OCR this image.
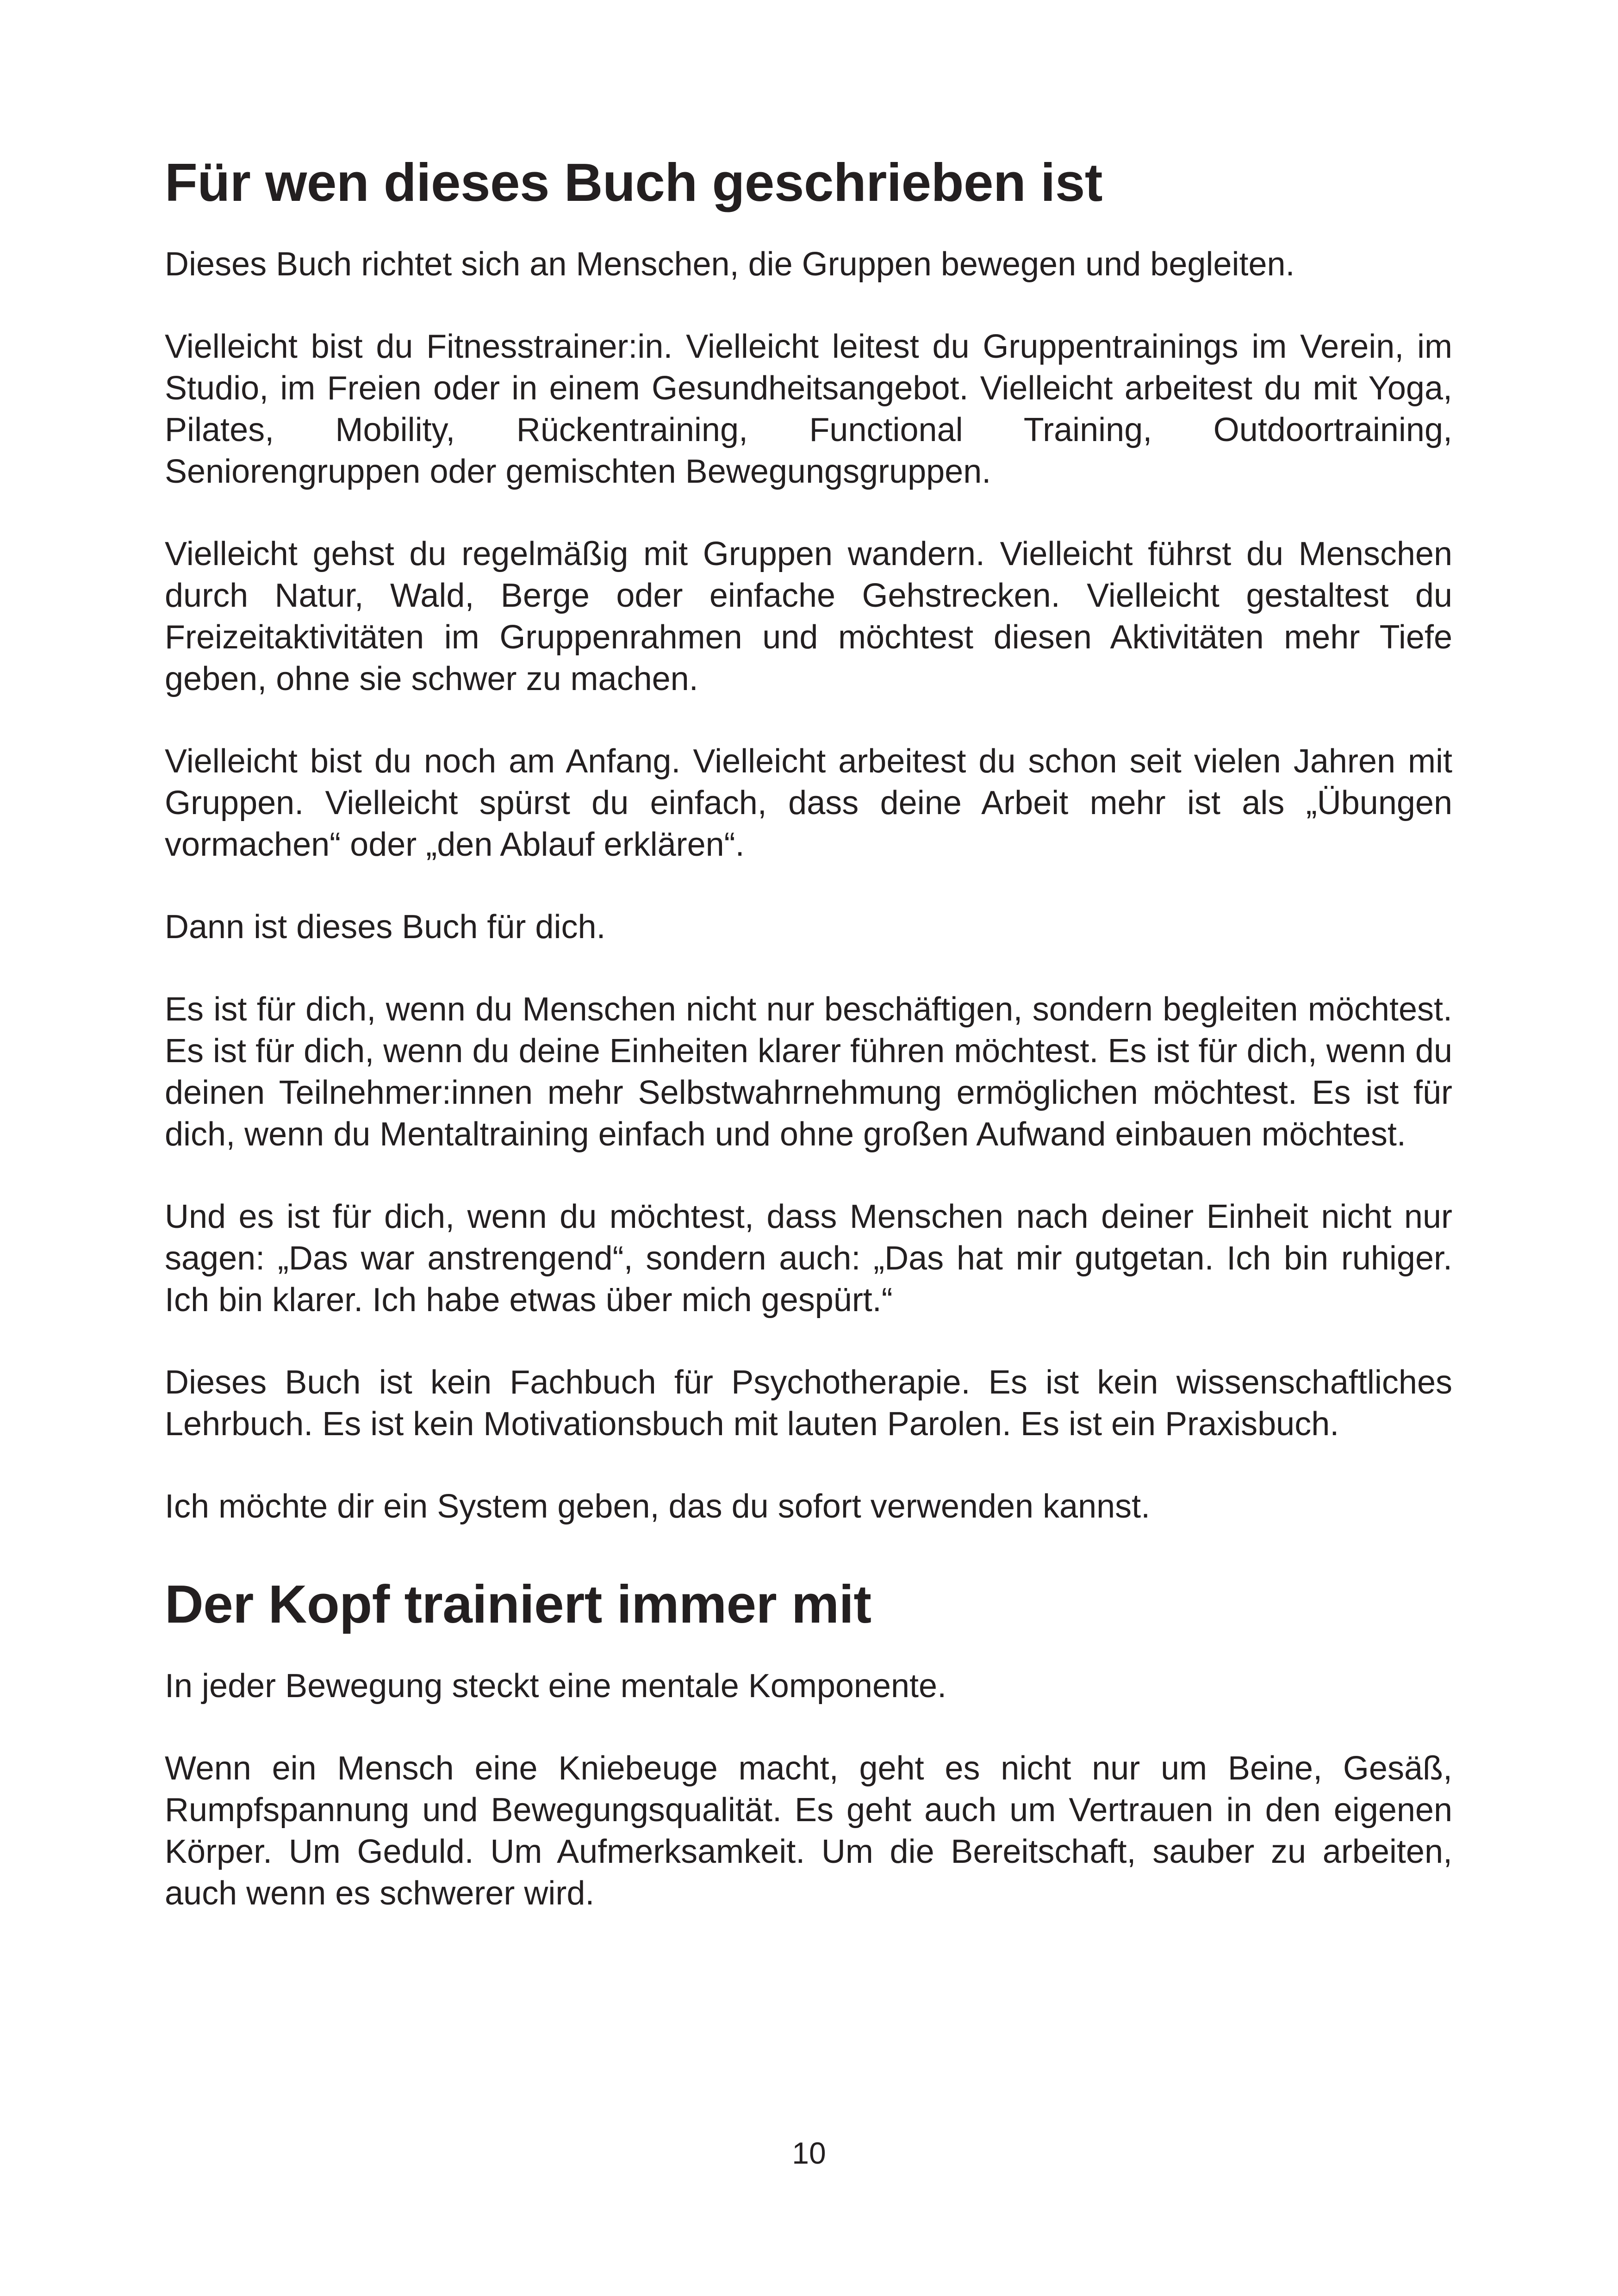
Für wen dieses Buch geschrieben ist

Dieses Buch richtet sich an Menschen, die Gruppen bewegen und begleiten.

Vielleicht bist du Fitnesstrainer:in. Vielleicht leitest du Gruppentrainings im Verein, im Studio, im Freien oder in einem Gesundheitsangebot. Vielleicht arbeitest du mit Yoga, Pilates, Mobility, Rückentraining, Functional Training, Outdoortraining, Seniorengruppen oder gemischten Bewegungsgruppen.

Vielleicht gehst du regelmäßig mit Gruppen wandern. Vielleicht führst du Menschen durch Natur, Wald, Berge oder einfache Gehstrecken. Vielleicht gestaltest du Freizeitaktivitäten im Gruppenrahmen und möchtest diesen Aktivitäten mehr Tiefe geben, ohne sie schwer zu machen.

Vielleicht bist du noch am Anfang. Vielleicht arbeitest du schon seit vielen Jahren mit Gruppen. Vielleicht spürst du einfach, dass deine Arbeit mehr ist als „Übungen vormachen“ oder „den Ablauf erklären“.

Dann ist dieses Buch für dich.

Es ist für dich, wenn du Menschen nicht nur beschäftigen, sondern begleiten möchtest. Es ist für dich, wenn du deine Einheiten klarer führen möchtest. Es ist für dich, wenn du deinen Teilnehmer:innen mehr Selbstwahrnehmung ermöglichen möchtest. Es ist für dich, wenn du Mentaltraining einfach und ohne großen Aufwand einbauen möchtest.

Und es ist für dich, wenn du möchtest, dass Menschen nach deiner Einheit nicht nur sagen: „Das war anstrengend“, sondern auch: „Das hat mir gutgetan. Ich bin ruhiger. Ich bin klarer. Ich habe etwas über mich gespürt.“

Dieses Buch ist kein Fachbuch für Psychotherapie. Es ist kein wissenschaftliches Lehrbuch. Es ist kein Motivationsbuch mit lauten Parolen. Es ist ein Praxisbuch.

Ich möchte dir ein System geben, das du sofort verwenden kannst.

Der Kopf trainiert immer mit

In jeder Bewegung steckt eine mentale Komponente.

Wenn ein Mensch eine Kniebeuge macht, geht es nicht nur um Beine, Gesäß, Rumpfspannung und Bewegungsqualität. Es geht auch um Vertrauen in den eigenen Körper. Um Geduld. Um Aufmerksamkeit. Um die Bereitschaft, sauber zu arbeiten, auch wenn es schwerer wird.

10
